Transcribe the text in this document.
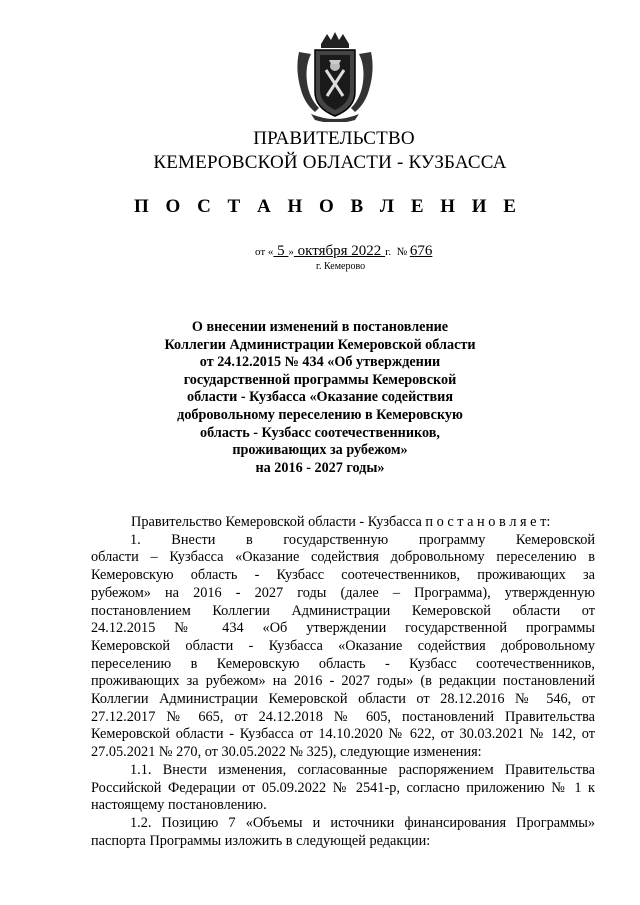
ПРАВИТЕЛЬСТВО
КЕМЕРОВСКОЙ ОБЛАСТИ - КУЗБАССА
П О С Т А Н О В Л Е Н И Е
от « 5 » октября 2022 г. № 676
г. Кемерово
О внесении изменений в постановление
Коллегии Администрации Кемеровской области
от 24.12.2015 № 434 «Об утверждении
государственной программы Кемеровской
области - Кузбасса «Оказание содействия
добровольному переселению в Кемеровскую
область - Кузбасс соотечественников,
проживающих за рубежом»
на 2016 - 2027 годы»
Правительство Кемеровской области - Кузбасса п о с т а н о в л я е т:
1. Внести в государственную программу Кемеровской
области – Кузбасса «Оказание содействия добровольному переселению в
Кемеровскую область - Кузбасс соотечественников, проживающих за
рубежом» на 2016 - 2027 годы (далее – Программа), утвержденную
постановлением Коллегии Администрации Кемеровской области от
24.12.2015 № 434 «Об утверждении государственной программы
Кемеровской области - Кузбасса «Оказание содействия добровольному
переселению в Кемеровскую область - Кузбасс соотечественников,
проживающих за рубежом» на 2016 - 2027 годы» (в редакции постановлений
Коллегии Администрации Кемеровской области от 28.12.2016 № 546, от
27.12.2017 № 665, от 24.12.2018 № 605, постановлений Правительства
Кемеровской области - Кузбасса от 14.10.2020 № 622, от 30.03.2021 № 142, от
27.05.2021 № 270, от 30.05.2022 № 325), следующие изменения:
1.1. Внести изменения, согласованные распоряжением Правительства
Российской Федерации от 05.09.2022 № 2541-р, согласно приложению № 1 к
настоящему постановлению.
1.2. Позицию 7 «Объемы и источники финансирования Программы»
паспорта Программы изложить в следующей редакции:
